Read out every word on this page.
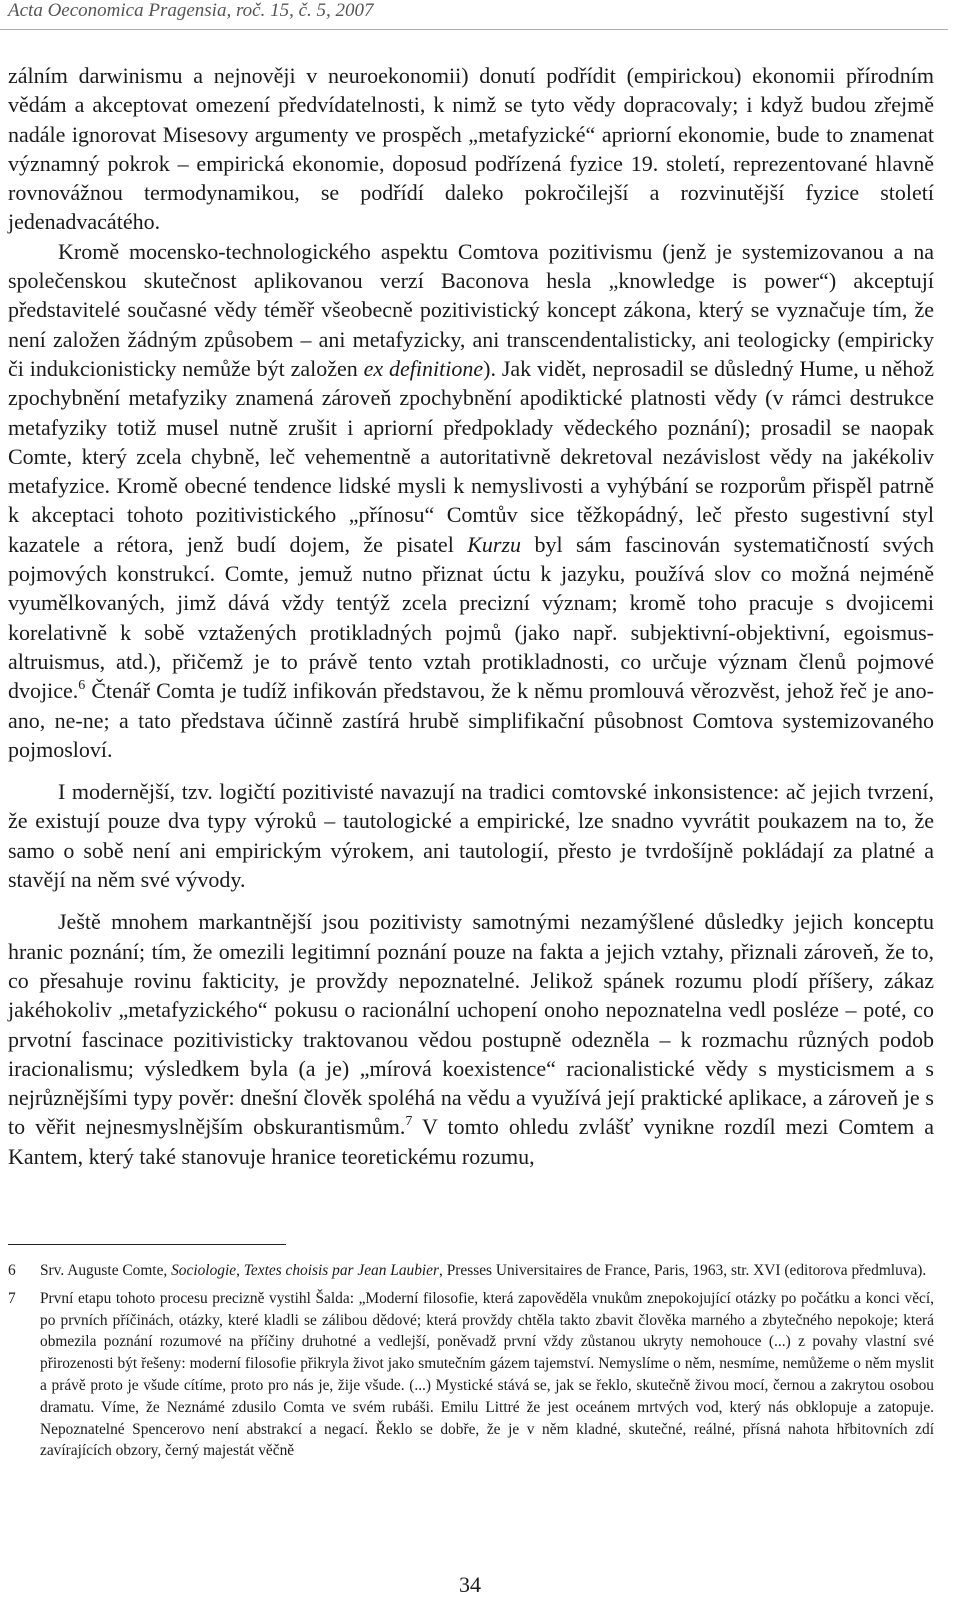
Acta Oeconomica Pragensia, roč. 15, č. 5, 2007

zálním darwinismu a nejnověji v neuroekonomii) donutí podřídit (empirickou) ekonomii přírodním vědám a akceptovat omezení předvídatelnosti, k nimž se tyto vědy dopracovaly; i když budou zřejmě nadále ignorovat Misesovy argumenty ve prospěch „metafyzické“ apriorní ekonomie, bude to znamenat významný pokrok – empirická ekonomie, doposud podřízená fyzice 19. století, reprezentované hlavně rovnovážnou termodynamikou, se podřídí daleko pokročilejší a rozvinutější fyzice století jedenadvacátého.

Kromě mocensko-technologického aspektu Comtova pozitivismu (jenž je systemizovanou a na společenskou skutečnost aplikovanou verzí Baconova hesla „knowledge is power“) akceptují představitelé současné vědy téměř všeobecně pozitivistický koncept zákona, který se vyznačuje tím, že není založen žádným způsobem – ani metafyzicky, ani transcendentalisticky, ani teologicky (empiricky či indukcionisticky nemůže být založen ex definitione). Jak vidět, neprosadil se důsledný Hume, u něhož zpochybnění metafyziky znamená zároveň zpochybnění apodiktické platnosti vědy (v rámci destrukce metafyziky totiž musel nutně zrušit i apriorní předpoklady vědeckého poznání); prosadil se naopak Comte, který zcela chybně, leč vehementně a autoritativně dekretoval nezávislost vědy na jakékoliv metafyzice. Kromě obecné tendence lidské mysli k nemyslivosti a vyhýbání se rozporům přispěl patrně k akceptaci tohoto pozitivistického „přínosu“ Comtův sice těžkopádný, leč přesto sugestivní styl kazatele a rétora, jenž budí dojem, že pisatel Kurzu byl sám fascinován systematičností svých pojmových konstrukcí. Comte, jemuž nutno přiznat úctu k jazyku, používá slov co možná nejméně vyumělkovaných, jimž dává vždy tentýž zcela precizní význam; kromě toho pracuje s dvojicemi korelativně k sobě vztažených protikladných pojmů (jako např. subjektivní-objektivní, egoismus-altruismus, atd.), přičemž je to právě tento vztah protikladnosti, co určuje význam členů pojmové dvojice.$^6$ Čtenář Comta je tudíž infikován představou, že k němu promlouvá věrozvěst, jehož řeč je ano-ano, ne-ne; a tato představa účinně zastírá hrubě simplifikační působnost Comtova systemizovaného pojmosloví.

I modernější, tzv. logičtí pozitivisté navazují na tradici comtovské inkonsistence: ač jejich tvrzení, že existují pouze dva typy výroků – tautologické a empirické, lze snadno vyvrátit poukazem na to, že samo o sobě není ani empirickým výrokem, ani tautologií, přesto je tvrdošíjně pokládají za platné a stavějí na něm své vývody.

Ještě mnohem markantnější jsou pozitivisty samotnými nezamýšlené důsledky jejich konceptu hranic poznání; tím, že omezili legitimní poznání pouze na fakta a jejich vztahy, přiznali zároveň, že to, co přesahuje rovinu fakticity, je provždy nepoznatelné. Jelikož spánek rozumu plodí příšery, zákaz jakéhokoliv „metafyzického“ pokusu o racionální uchopení onoho nepoznatelna vedl posléze – poté, co prvotní fascinace pozitivisticky traktovanou vědou postupně odezněla – k rozmachu různých podob iracionalismu; výsledkem byla (a je) „mírová koexistence“ racionalistické vědy s mysticismem a s nejrůznějšími typy pověr: dnešní člověk spoléhá na vědu a využívá její praktické aplikace, a zároveň je s to věřit nejnesmyslnějším obskurantismům.$^7$ V tomto ohledu zvlášť vynikne rozdíl mezi Comtem a Kantem, který také stanovuje hranice teoretickému rozumu,

6	Srv. Auguste Comte, Sociologie, Textes choisis par Jean Laubier, Presses Universitaires de France, Paris, 1963, str. XVI (editorova předmluva).
7	První etapu tohoto procesu precizně vystihl Šalda: „Moderní filosofie, která zapověděla vnukům znepokojující otázky po počátku a konci věcí, po prvních příčinách, otázky, které kladli se zálibou dědové; která provždy chtěla takto zbavit člověka marného a zbytečného nepokoje; která obmezila poznání rozumové na příčiny druhotné a vedlejší, poněvadž první vždy zůstanou ukryty nemohouce (...) z povahy vlastní své přirozenosti být řešeny: moderní filosofie přikryla život jako smutečním gázem tajemství. Nemyslíme o něm, nesmíme, nemůžeme o něm myslit a právě proto je všude cítíme, proto pro nás je, žije všude. (...) Mystické stává se, jak se řeklo, skutečně živou mocí, černou a zakrytou osobou dramatu. Víme, že Neznámé zdusilo Comta ve svém rubáši. Emilu Littré že jest oceánem mrtvých vod, který nás obklopuje a zatopuje. Nepoznatelné Spencerovo není abstrakcí a negací. Řeklo se dobře, že je v něm kladné, skutečné, reálné, přísná nahota hřbitovních zdí zavírajících obzory, černý majestát věčně
34
